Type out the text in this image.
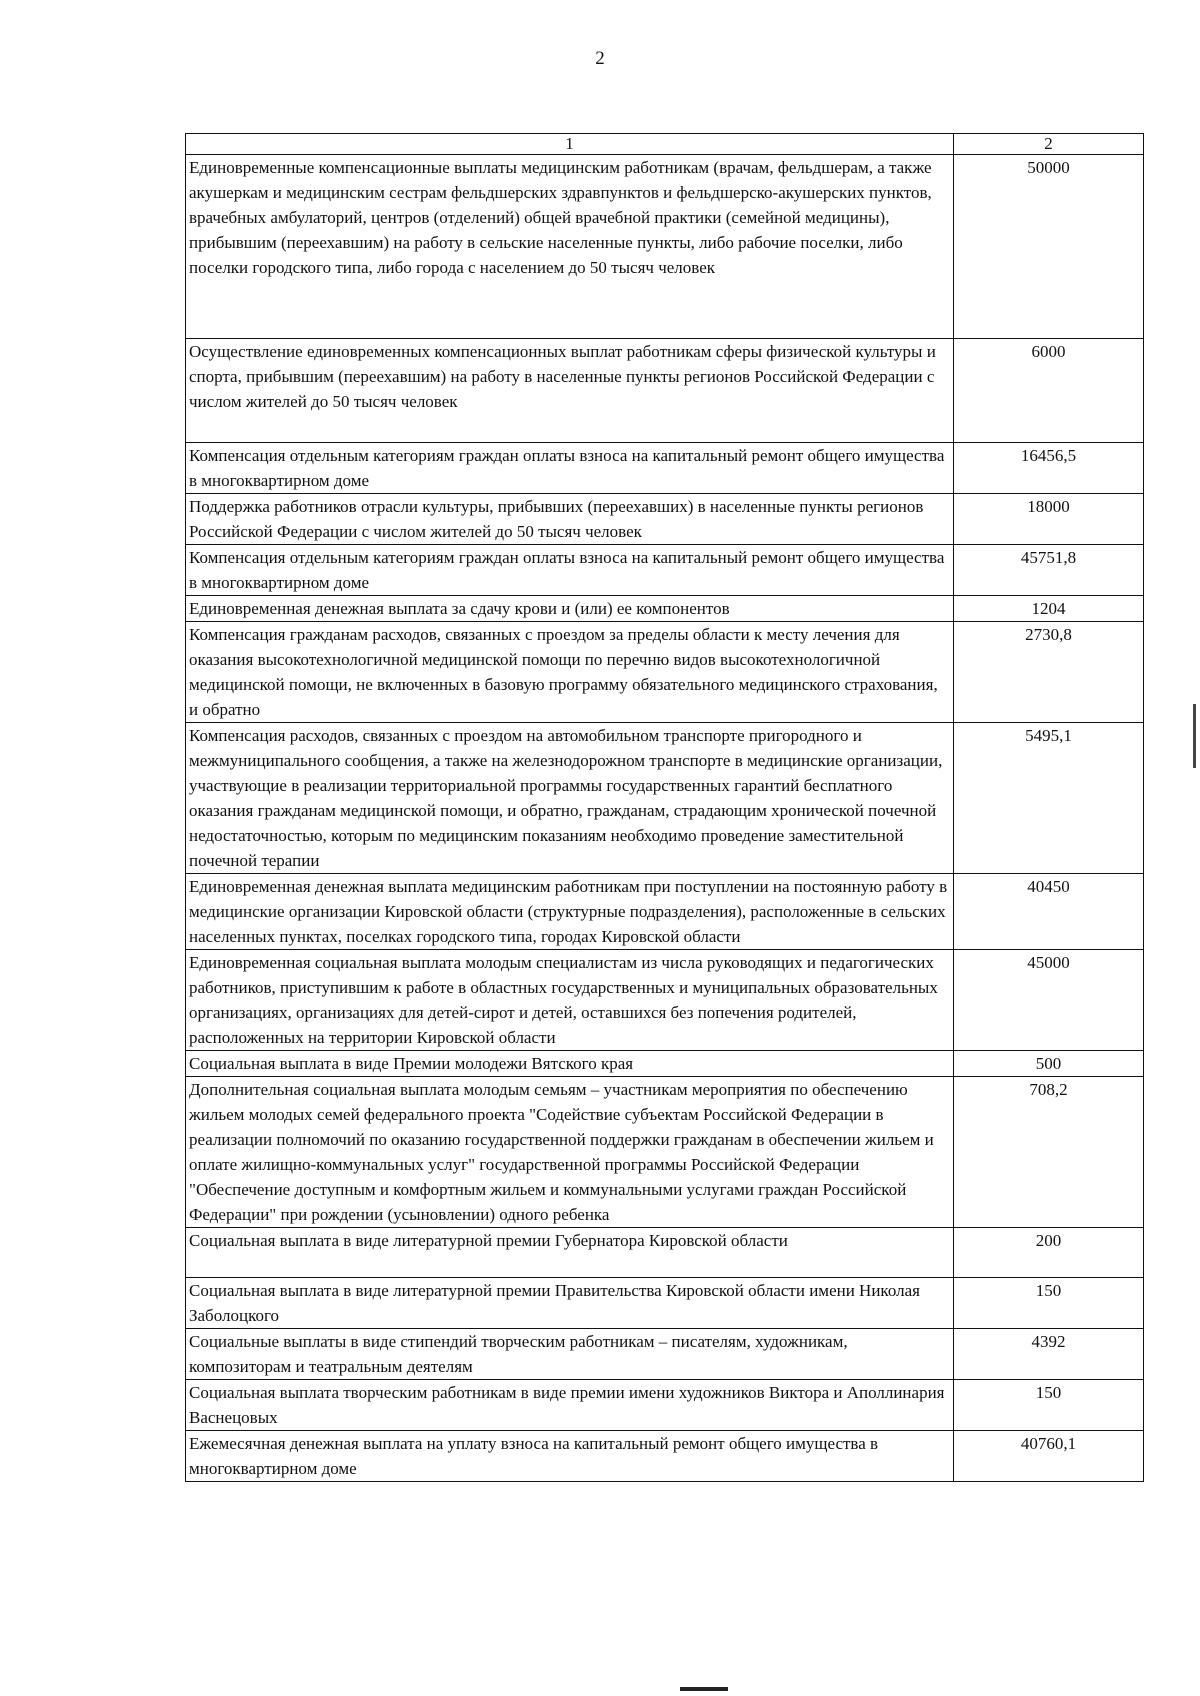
2
1	2
Единовременные компенсационные выплаты медицинским работникам (врачам, фельдшерам, а также акушеркам и медицинским сестрам фельдшерских здравпунктов и фельдшерско-акушерских пунктов, врачебных амбулаторий, центров (отделений) общей врачебной практики (семейной медицины), прибывшим (переехавшим) на работу в сельские населенные пункты, либо рабочие поселки, либо поселки городского типа, либо города с населением до 50 тысяч человек	50000
Осуществление единовременных компенсационных выплат работникам сферы физической культуры и спорта, прибывшим (переехавшим) на работу в населенные пункты регионов Российской Федерации с числом жителей до 50 тысяч человек	6000
Компенсация отдельным категориям граждан оплаты взноса на капитальный ремонт общего имущества в многоквартирном доме	16456,5
Поддержка работников отрасли культуры, прибывших (переехавших) в населенные пункты регионов Российской Федерации с числом жителей до 50 тысяч человек	18000
Компенсация отдельным категориям граждан оплаты взноса на капитальный ремонт общего имущества в многоквартирном доме	45751,8
Единовременная денежная выплата за сдачу крови и (или) ее компонентов	1204
Компенсация гражданам расходов, связанных с проездом за пределы области к месту лечения для оказания высокотехнологичной медицинской помощи по перечню видов высокотехнологичной медицинской помощи, не включенных в базовую программу обязательного медицинского страхования, и обратно	2730,8
Компенсация расходов, связанных с проездом на автомобильном транспорте пригородного и межмуниципального сообщения, а также на железнодорожном транспорте в медицинские организации, участвующие в реализации территориальной программы государственных гарантий бесплатного оказания гражданам медицинской помощи, и обратно, гражданам, страдающим хронической почечной недостаточностью, которым по медицинским показаниям необходимо проведение заместительной почечной терапии	5495,1
Единовременная денежная выплата медицинским работникам при поступлении на постоянную работу в медицинские организации Кировской области (структурные подразделения), расположенные в сельских населенных пунктах, поселках городского типа, городах Кировской области	40450
Единовременная социальная выплата молодым специалистам из числа руководящих и педагогических работников, приступившим к работе в областных государственных и муниципальных образовательных организациях, организациях для детей-сирот и детей, оставшихся без попечения родителей, расположенных на территории Кировской области	45000
Социальная выплата в виде Премии молодежи Вятского края	500
Дополнительная социальная выплата молодым семьям – участникам мероприятия по обеспечению жильем молодых семей федерального проекта "Содействие субъектам Российской Федерации в реализации полномочий по оказанию государственной поддержки гражданам в обеспечении жильем и оплате жилищно-коммунальных услуг" государственной программы Российской Федерации "Обеспечение доступным и комфортным жильем и коммунальными услугами граждан Российской Федерации" при рождении (усыновлении) одного ребенка	708,2
Социальная выплата в виде литературной премии Губернатора Кировской области	200
Социальная выплата в виде литературной премии Правительства Кировской области имени Николая Заболоцкого	150
Социальные выплаты в виде стипендий творческим работникам – писателям, художникам, композиторам и театральным деятелям	4392
Социальная выплата творческим работникам в виде премии имени художников Виктора и Аполлинария Васнецовых	150
Ежемесячная денежная выплата на уплату взноса на капитальный ремонт общего имущества в многоквартирном доме	40760,1
